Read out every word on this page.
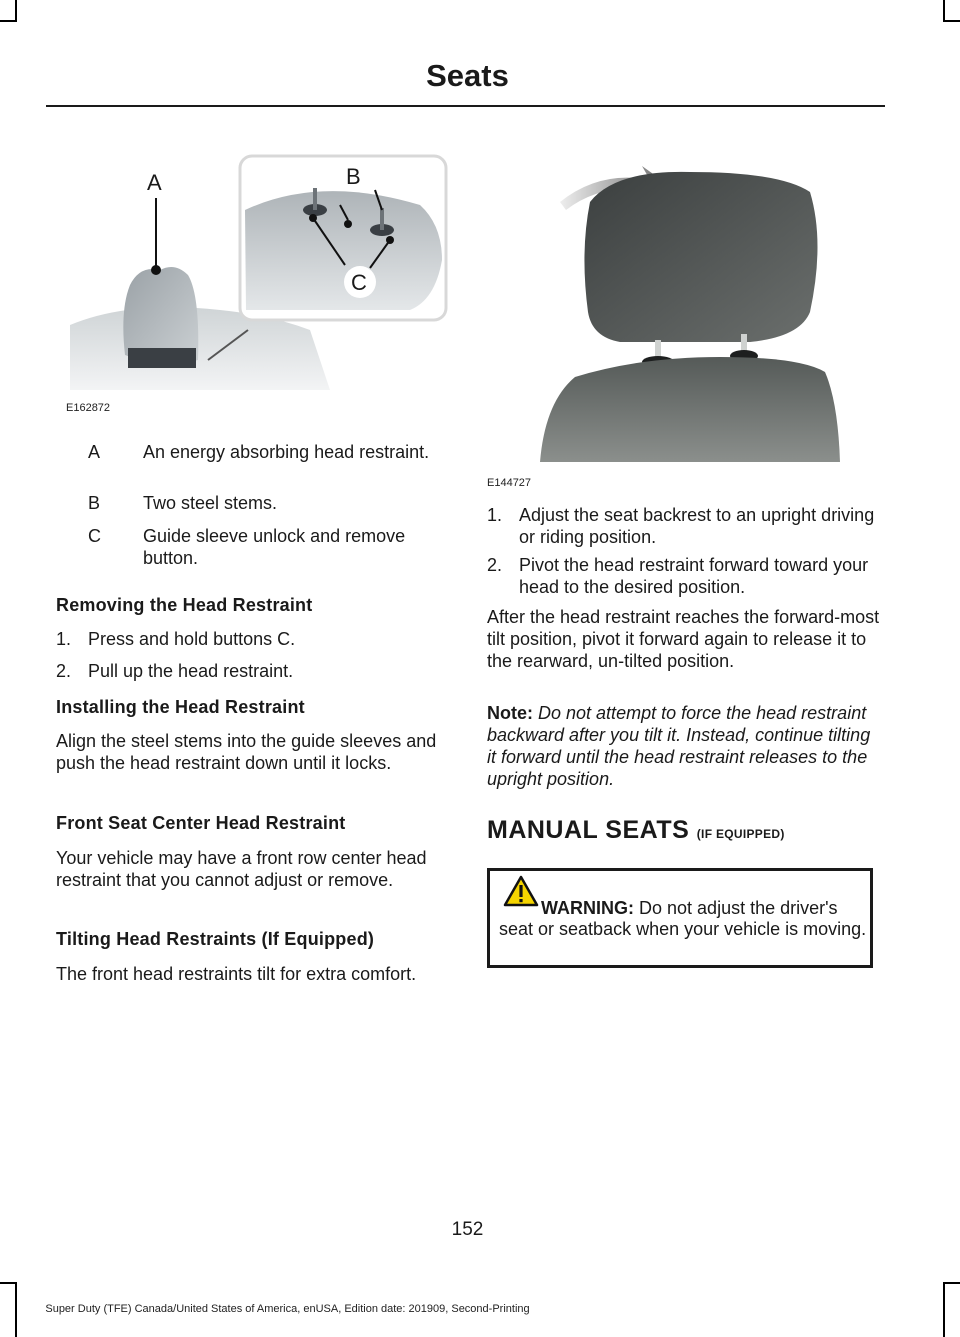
Seats
A	B
C
E162872
E144727
A	An energy absorbing head restraint.
B	Two steel stems.
C	Guide sleeve unlock and remove button.
Removing the Head Restraint
1. Press and hold buttons C.
2. Pull up the head restraint.
Installing the Head Restraint
Align the steel stems into the guide sleeves and push the head restraint down until it locks.
Front Seat Center Head Restraint
Your vehicle may have a front row center head restraint that you cannot adjust or remove.
Tilting Head Restraints (If Equipped)
The front head restraints tilt for extra comfort.
1. Adjust the seat backrest to an upright driving or riding position.
2. Pivot the head restraint forward toward your head to the desired position.
After the head restraint reaches the forward-most tilt position, pivot it forward again to release it to the rearward, un-tilted position.
Note: Do not attempt to force the head restraint backward after you tilt it. Instead, continue tilting it forward until the head restraint releases to the upright position.
MANUAL SEATS (IF EQUIPPED)
WARNING: Do not adjust the driver's seat or seatback when your vehicle is moving.
152
Super Duty (TFE) Canada/United States of America, enUSA, Edition date: 201909, Second-Printing
